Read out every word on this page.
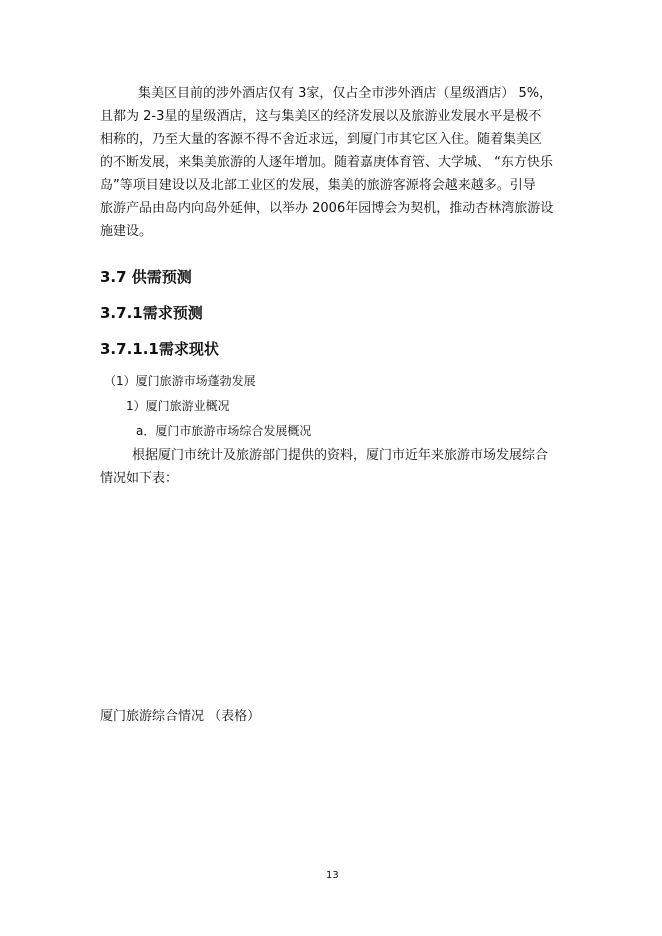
集美区目前的涉外酒店仅有 3家，仅占全市涉外酒店（星级酒店） 5%，
且都为 2-3星的星级酒店，这与集美区的经济发展以及旅游业发展水平是极不
相称的，乃至大量的客源不得不舍近求远，到厦门市其它区入住。随着集美区
的不断发展，来集美旅游的人逐年增加。随着嘉庚体育管、大学城、 “东方快乐
岛”等项目建设以及北部工业区的发展，集美的旅游客源将会越来越多。引导
旅游产品由岛内向岛外延伸，以举办 2006年园博会为契机，推动杏林湾旅游设
施建设。
3.7 供需预测
3.7.1需求预测
3.7.1.1需求现状
（1）厦门旅游市场蓬勃发展
1）厦门旅游业概况
a．厦门市旅游市场综合发展概况
根据厦门市统计及旅游部门提供的资料，厦门市近年来旅游市场发展综合
情况如下表：
厦门旅游综合情况 （表格）
13
